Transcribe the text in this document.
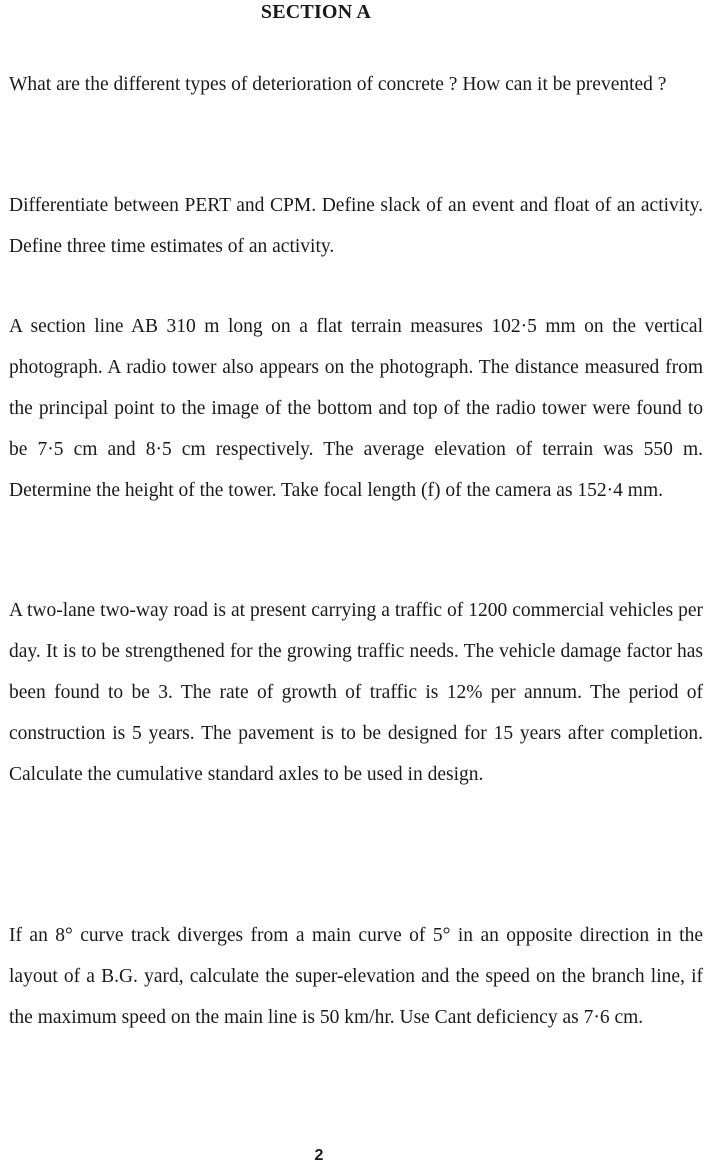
SECTION A

What are the different types of deterioration of concrete ? How can it be prevented ?

Differentiate between PERT and CPM. Define slack of an event and float of an activity. Define three time estimates of an activity.

A section line AB 310 m long on a flat terrain measures 102·5 mm on the vertical photograph. A radio tower also appears on the photograph. The distance measured from the principal point to the image of the bottom and top of the radio tower were found to be 7·5 cm and 8·5 cm respectively. The average elevation of terrain was 550 m. Determine the height of the tower. Take focal length (f) of the camera as 152·4 mm.

A two-lane two-way road is at present carrying a traffic of 1200 commercial vehicles per day. It is to be strengthened for the growing traffic needs. The vehicle damage factor has been found to be 3. The rate of growth of traffic is 12% per annum. The period of construction is 5 years. The pavement is to be designed for 15 years after completion. Calculate the cumulative standard axles to be used in design.

If an 8° curve track diverges from a main curve of 5° in an opposite direction in the layout of a B.G. yard, calculate the super-elevation and the speed on the branch line, if the maximum speed on the main line is 50 km/hr. Use Cant deficiency as 7·6 cm.

2
